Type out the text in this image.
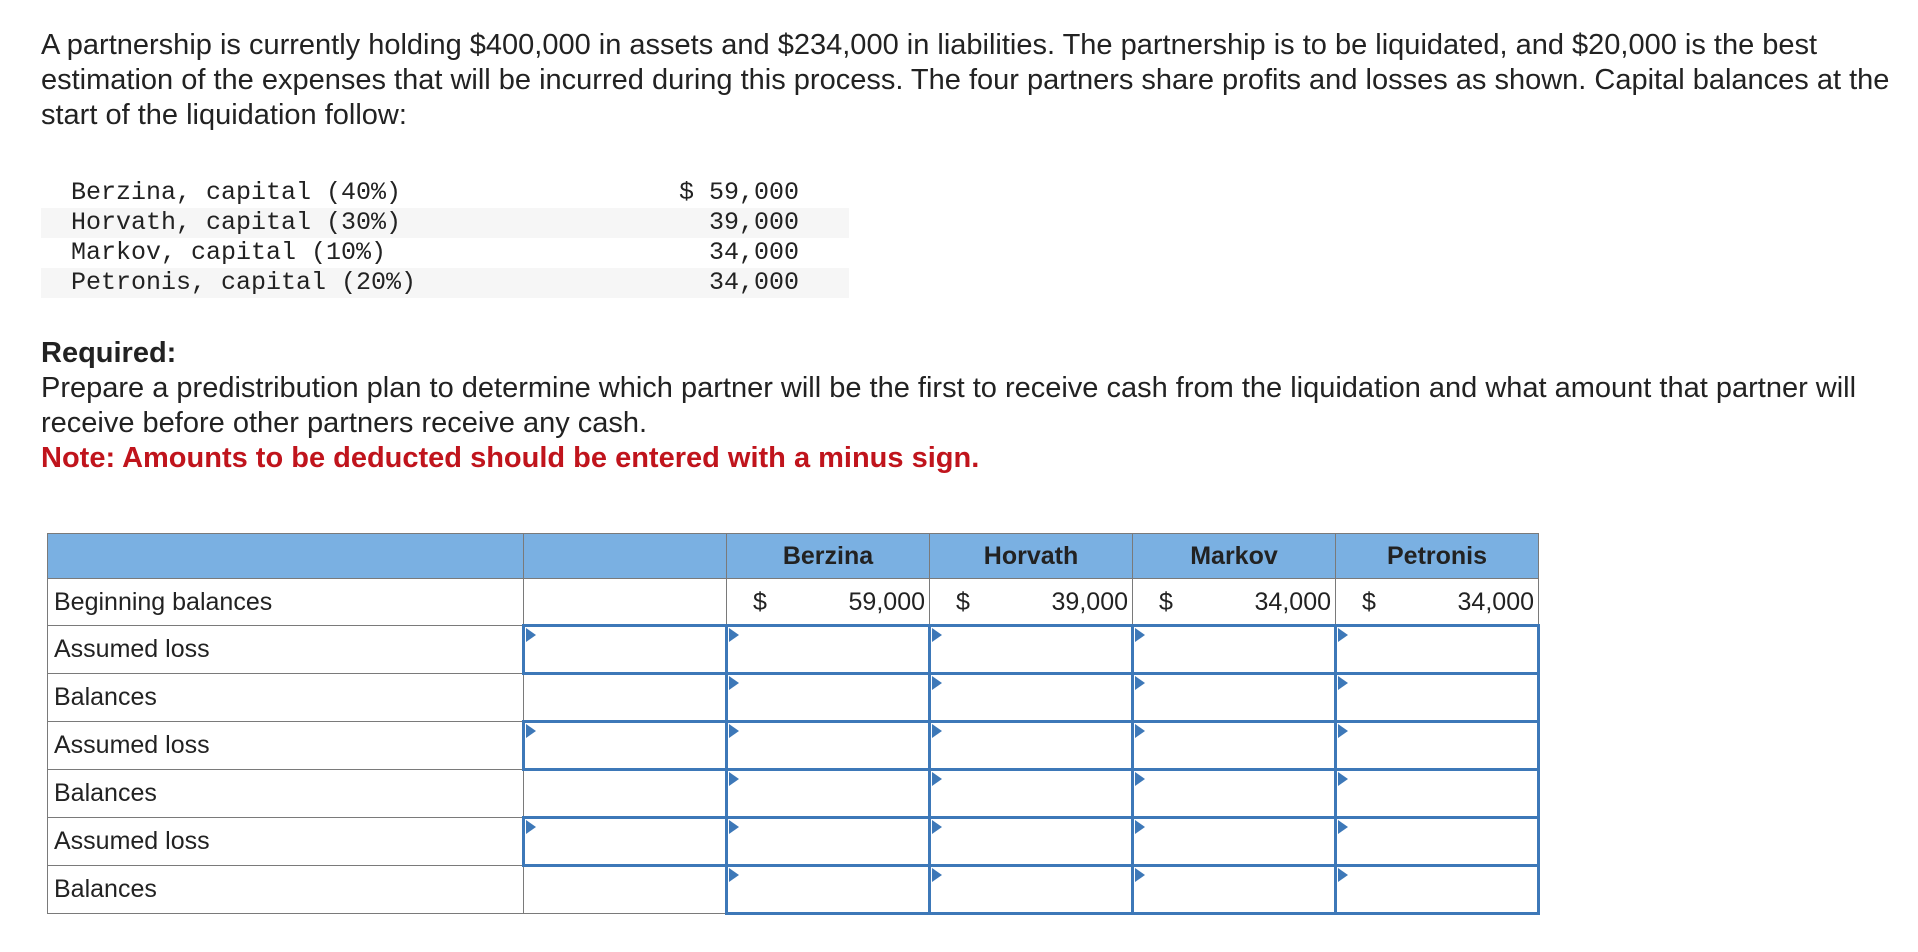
A partnership is currently holding $400,000 in assets and $234,000 in liabilities. The partnership is to be liquidated, and $20,000 is the best estimation of the expenses that will be incurred during this process. The four partners share profits and losses as shown. Capital balances at the start of the liquidation follow:

Berzina, capital (40%)	$ 59,000
Horvath, capital (30%)	39,000
Markov, capital (10%)	34,000
Petronis, capital (20%)	34,000

Required:

Prepare a predistribution plan to determine which partner will be the first to receive cash from the liquidation and what amount that partner will receive before other partners receive any cash.

Note: Amounts to be deducted should be entered with a minus sign.

		Berzina	Horvath	Markov	Petronis
Beginning balances		$ 59,000	$ 39,000	$ 34,000	$ 34,000

Assumed loss	

Balances		

Assumed loss	

Balances		

Assumed loss	

Balances		
